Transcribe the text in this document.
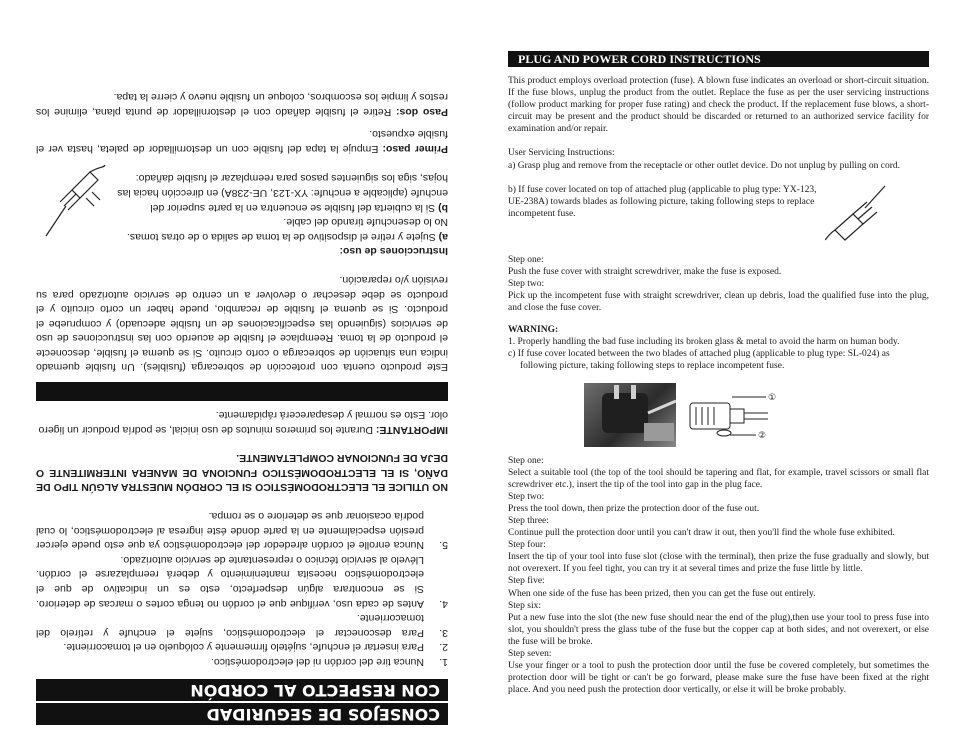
CONSEJOS DE SEGURIDAD
CON RESPECTO AL CORDÓN
1.
Nunca tire del cordón ni del electrodoméstico.
2.
Para insertar el enchufe, sujételo firmemente y colóquelo en el tomacorriente.
3.
Para desconectar el electrodoméstico, sujete el enchufe y retírelo del tomacorriente.
4.
Antes de cada uso, verifique que el cordón no tenga cortes o marcas de deterioro. Si se encontrara algún desperfecto, esto es un indicativo de que el electrodoméstico necesita mantenimiento y deberá reemplazarse el cordón. Llévelo al servicio técnico o representante de servicio autorizado.
5.
Nunca enrolle el cordón alrededor del electrodoméstico ya que esto puede ejercer presión especialmente en la parte donde éste ingresa al electrodoméstico, lo cual podría ocasionar que se deteriore o se rompa.

NO UTILICE EL ELECTRODOMÉSTICO SI EL CORDÓN MUESTRA ALGÚN TIPO DE DAÑO, SI EL ELECTRODOMÉSTICO FUNCIONA DE MANERA INTERMITENTE O DEJA DE FUNCIONAR COMPLETAMENTE.

IMPORTANTE: Durante los primeros minutos de uso inicial, se podría producir un ligero olor. Esto es normal y desaparecerá rápidamente.

Este producto cuenta con protección de sobrecarga (fusibles). Un fusible quemado indica una situación de sobrecarga o corto circuito. Si se quema el fusible, desconecte el producto de la toma. Reemplace el fusible de acuerdo con las instrucciones de uso de servicios (siguiendo las especificaciones de un fusible adecuado) y compruebe el producto. Si se quema el fusible de recambio, puede haber un corto circuito y el producto se debe desechar o devolver a un centro de servicio autorizado para su revisión y/o reparación.

Instrucciones de uso:

a) Sujete y retire el dispositivo de la toma de salida o de otras tomas. No lo desenchufe tirando del cable.

b) Si la cubierta del fusible se encuentra en la parte superior del enchufe (aplicable a enchufe: YX-123, UE-238A) en dirección hacia las hojas, siga los siguientes pasos para reemplazar el fusible dañado:

Primer paso: Empuje la tapa del fusible con un destornillador de paleta, hasta ver el fusible expuesto.

Paso dos: Retire el fusible dañado con el destornillador de punta plana, elimine los restos y limpie los escombros, coloque un fusible nuevo y cierre la tapa.

PLUG AND POWER CORD INSTRUCTIONS

This product employs overload protection (fuse). A blown fuse indicates an overload or short-circuit situation. If the fuse blows, unplug the product from the outlet. Replace the fuse as per the user servicing instructions (follow product marking for proper fuse rating) and check the product. If the replacement fuse blows, a short-circuit may be present and the product should be discarded or returned to an authorized service facility for examination and/or repair.

User Servicing Instructions:

a) Grasp plug and remove from the receptacle or other outlet device. Do not unplug by pulling on cord.

b) If fuse cover located on top of attached plug (applicable to plug type: YX-123, UE-238A) towards blades as following picture, taking following steps to replace incompetent fuse.

Step one:

Push the fuse cover with straight screwdriver, make the fuse is exposed.

Step two:

Pick up the incompetent fuse with straight screwdriver, clean up debris, load the qualified fuse into the plug, and close the fuse cover.

WARNING:

1. Properly handling the bad fuse including its broken glass & metal to avoid the harm on human body.

c) If fuse cover located between the two blades of attached plug (applicable to plug type: SL-024) as following picture, taking following steps to replace incompetent fuse.

①
②

Step one:

Select a suitable tool (the top of the tool should be tapering and flat, for example, travel scissors or small flat screwdriver etc.), insert the tip of the tool into gap in the plug face.

Step two:

Press the tool down, then prize the protection door of the fuse out.

Step three:

Continue pull the protection door until you can't draw it out, then you'll find the whole fuse exhibited.

Step four:

Insert the tip of your tool into fuse slot (close with the terminal), then prize the fuse gradually and slowly, but not overexert. If you feel tight, you can try it at several times and prize the fuse little by little.

Step five:

When one side of the fuse has been prized, then you can get the fuse out entirely.

Step six:

Put a new fuse into the slot (the new fuse should near the end of the plug),then use your tool to press fuse into slot, you shouldn't press the glass tube of the fuse but the copper cap at both sides, and not overexert, or else the fuse will be broke.

Step seven:

Use your finger or a tool to push the protection door until the fuse be covered completely, but sometimes the protection door will be tight or can't be go forward, please make sure the fuse have been fixed at the right place. And you need push the protection door vertically, or else it will be broke probably.
